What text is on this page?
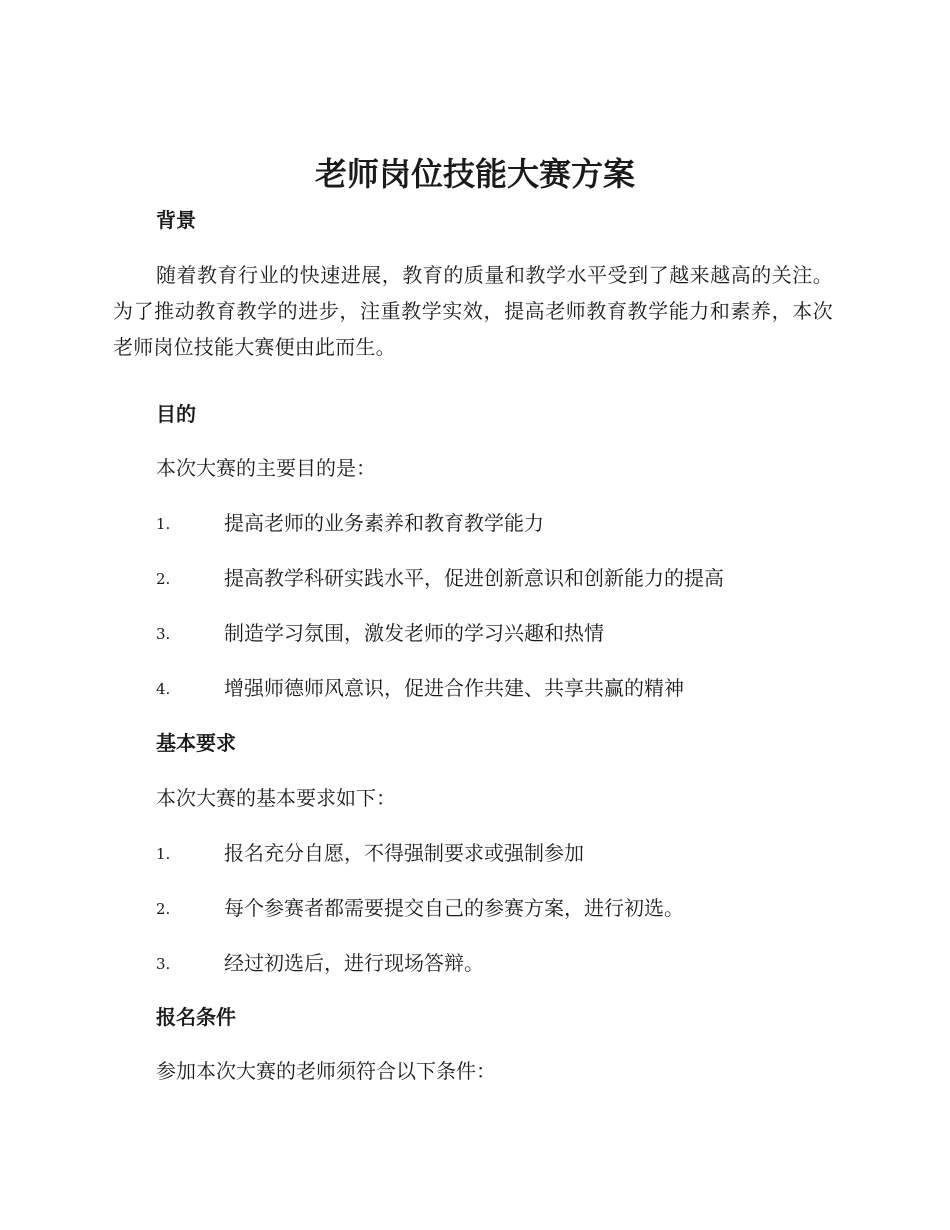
老师岗位技能大赛方案
背景

随着教育行业的快速进展，教育的质量和教学水平受到了越来越高的关注。为了推动教育教学的进步，注重教学实效，提高老师教育教学能力和素养，本次老师岗位技能大赛便由此而生。

目的

本次大赛的主要目的是：

1.	提高老师的业务素养和教育教学能力
2.	提高教学科研实践水平，促进创新意识和创新能力的提高
3.	制造学习氛围，激发老师的学习兴趣和热情
4.	增强师德师风意识，促进合作共建、共享共赢的精神
基本要求

本次大赛的基本要求如下：

1.	报名充分自愿，不得强制要求或强制参加
2.	每个参赛者都需要提交自己的参赛方案，进行初选。
3.	经过初选后，进行现场答辩。
报名条件

参加本次大赛的老师须符合以下条件：
